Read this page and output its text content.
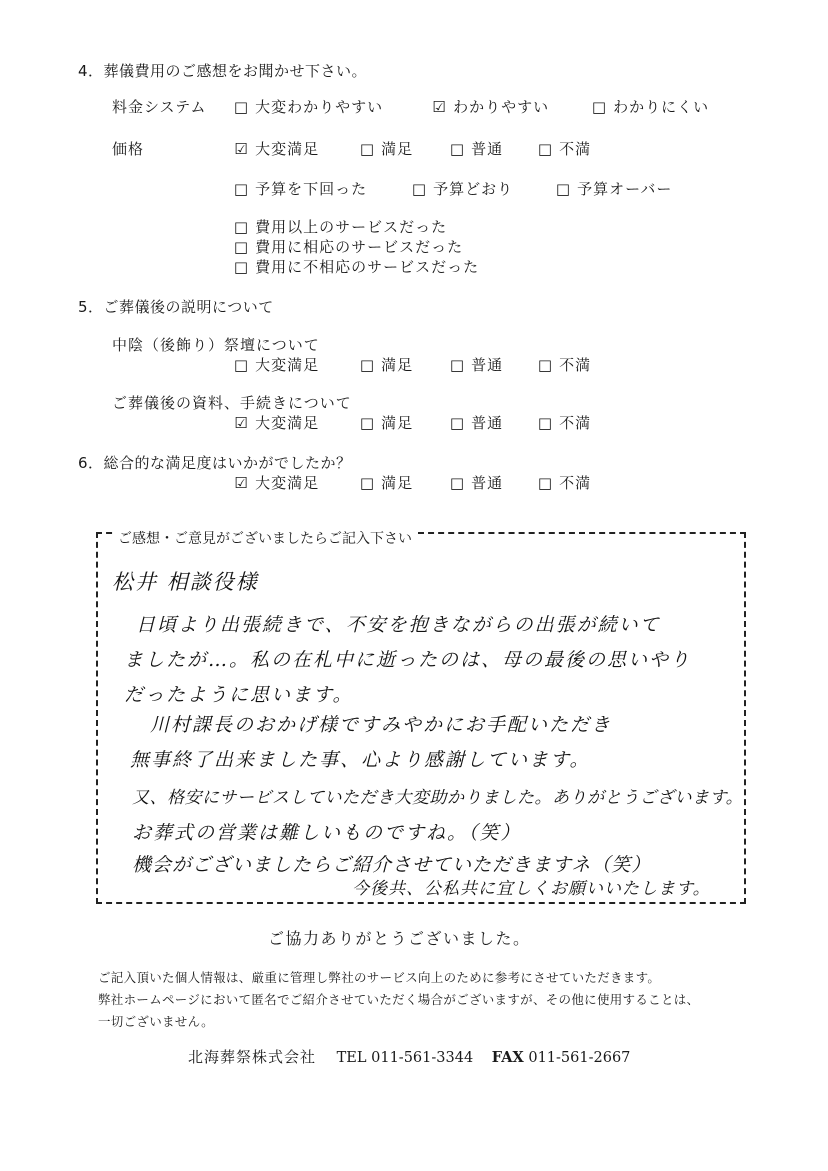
4．葬儀費用のご感想をお聞かせ下さい。
料金システム □ 大変わかりやすい	☑ わかりやすい	□ わかりにくい
価格	☑ 大変満足	□ 満足 □ 普通 □ 不満
□ 予算を下回った	□ 予算どおり	□ 予算オーバー
□ 費用以上のサービスだった
□ 費用に相応のサービスだった
□ 費用に不相応のサービスだった
5．ご葬儀後の説明について
中陰（後飾り）祭壇について
□ 大変満足	□ 満足 □ 普通 □ 不満
ご葬儀後の資料、手続きについて
☑ 大変満足	□ 満足 □ 普通 □ 不満
6．総合的な満足度はいかがでしたか？
☑ 大変満足	□ 満足 □ 普通 □ 不満
ご感想・ご意見がございましたらご記入下さい
松井 相談役様
日頃より出張続きで、不安を抱きながらの出張が続いて
ましたが…。私の在札中に逝ったのは、母の最後の思いやり
だったように思います。
川村課長のおかげ様ですみやかにお手配いただき
無事終了出来ました事、心より感謝しています。
又、格安にサービスしていただき大変助かりました。ありがとうございます。
お葬式の営業は難しいものですね。（笑）
機会がございましたらご紹介させていただきますネ（笑）
今後共、公私共に宜しくお願いいたします。
ご協力ありがとうございました。
ご記入頂いた個人情報は、厳重に管理し弊社のサービス向上のために参考にさせていただきます。
弊社ホームページにおいて匿名でご紹介させていただく場合がございますが、その他に使用することは、
一切ございません。
北海葬祭株式会社 TEL 011-561-3344 FAX 011-561-2667
